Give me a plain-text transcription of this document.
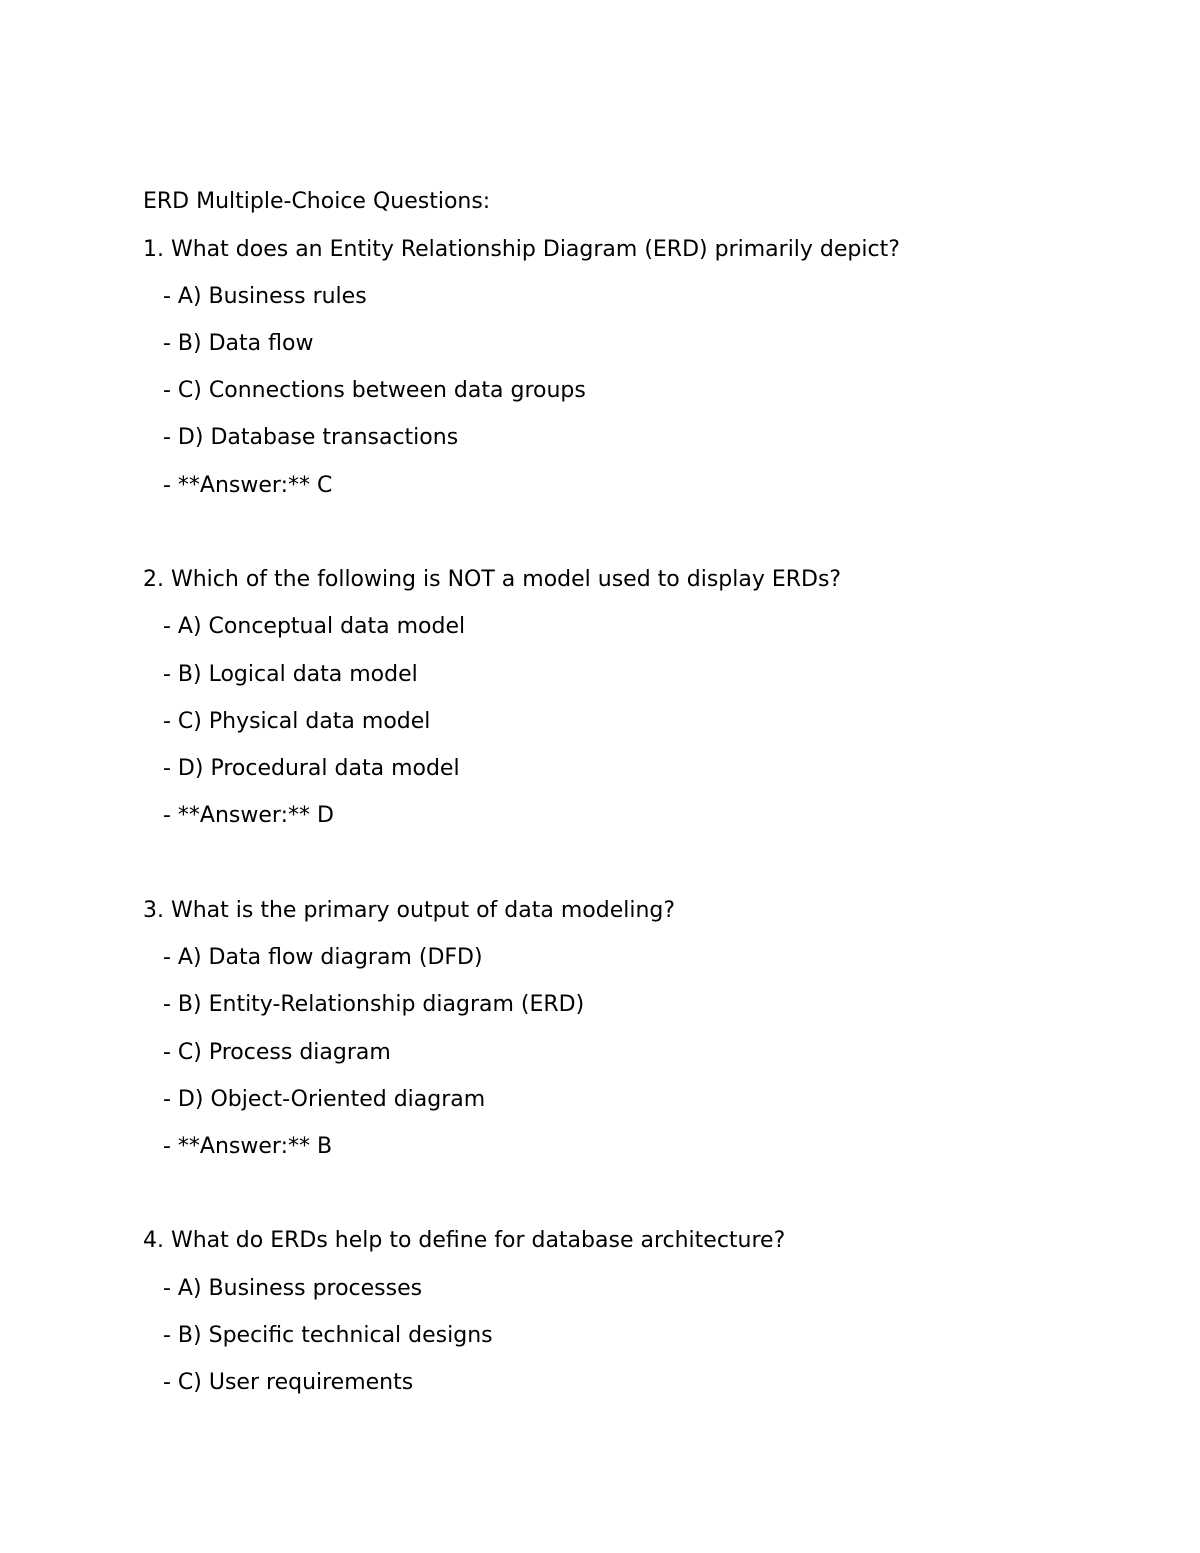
ERD Multiple-Choice Questions:
1. What does an Entity Relationship Diagram (ERD) primarily depict?
- A) Business rules
- B) Data flow
- C) Connections between data groups
- D) Database transactions
- **Answer:** C
2. Which of the following is NOT a model used to display ERDs?
- A) Conceptual data model
- B) Logical data model
- C) Physical data model
- D) Procedural data model
- **Answer:** D
3. What is the primary output of data modeling?
- A) Data flow diagram (DFD)
- B) Entity-Relationship diagram (ERD)
- C) Process diagram
- D) Object-Oriented diagram
- **Answer:** B
4. What do ERDs help to define for database architecture?
- A) Business processes
- B) Specific technical designs
- C) User requirements
